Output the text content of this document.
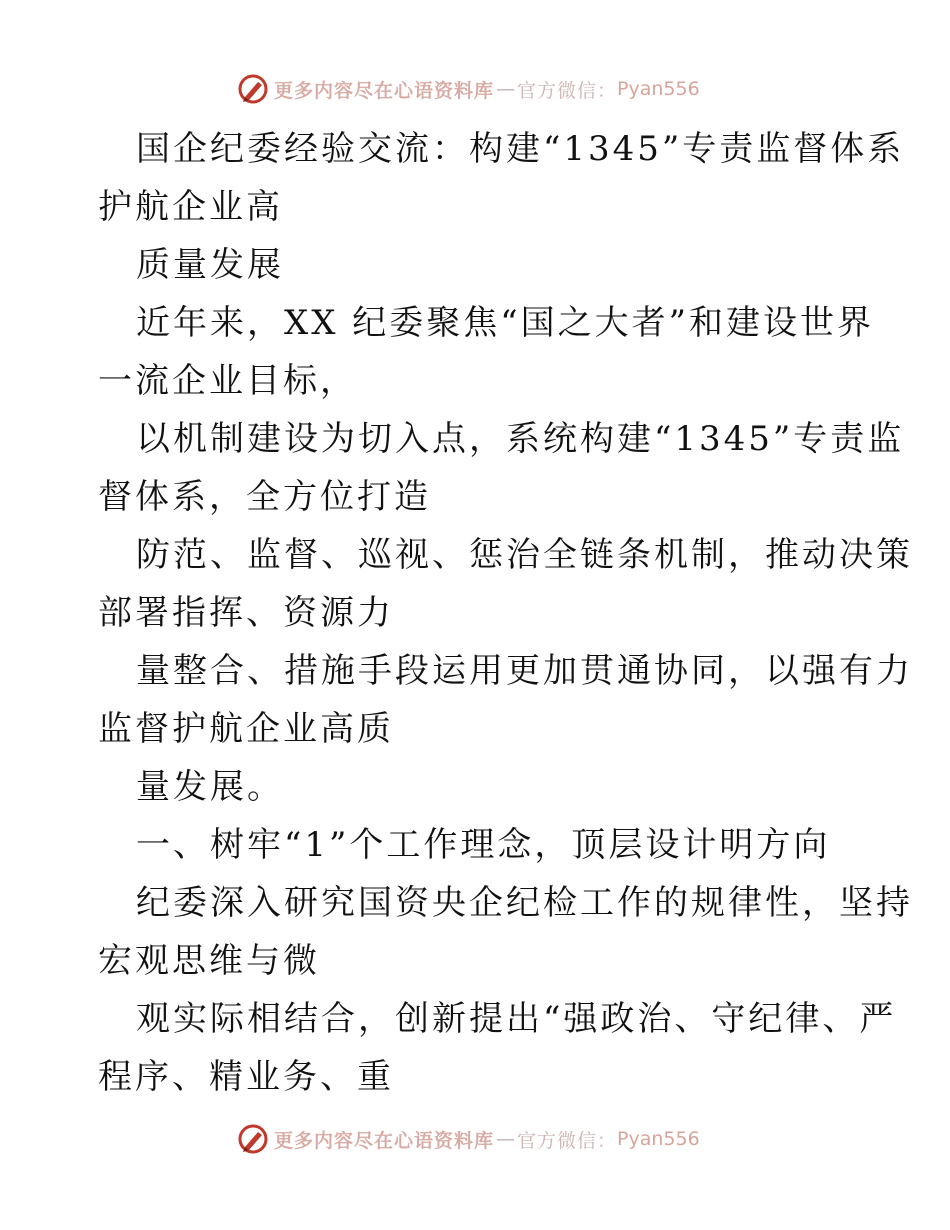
更多内容尽在心语资料库 — 官方微信： Pyan556
国企纪委经验交流：构建“1345”专责监督体系
护航企业高
质量发展
近年来，XX 纪委聚焦“国之大者”和建设世界
一流企业目标，
以机制建设为切入点，系统构建“1345”专责监
督体系，全方位打造
防范、监督、巡视、惩治全链条机制，推动决策
部署指挥、资源力
量整合、措施手段运用更加贯通协同，以强有力
监督护航企业高质
量发展。
一、树牢“1”个工作理念，顶层设计明方向
纪委深入研究国资央企纪检工作的规律性，坚持
宏观思维与微
观实际相结合，创新提出“强政治、守纪律、严
程序、精业务、重
更多内容尽在心语资料库 — 官方微信： Pyan556
